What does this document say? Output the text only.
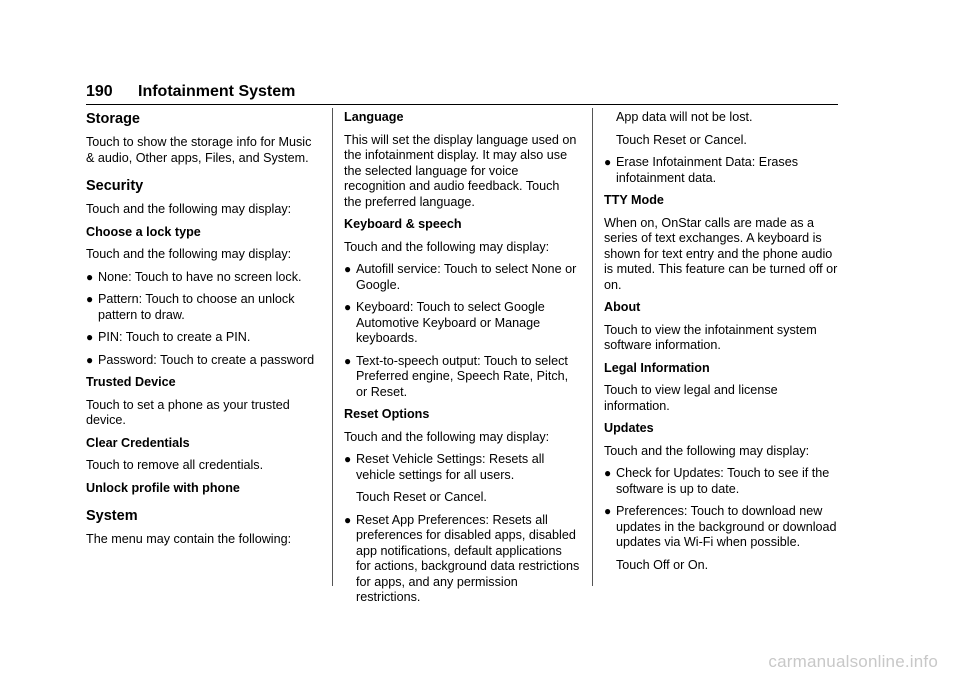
190 Infotainment System
Storage

Touch to show the storage info for Music & audio, Other apps, Files, and System.

Security

Touch and the following may display:

Choose a lock type

Touch and the following may display:

● None: Touch to have no screen lock.
● Pattern: Touch to choose an unlock pattern to draw.
● PIN: Touch to create a PIN.
● Password: Touch to create a password

Trusted Device

Touch to set a phone as your trusted device.

Clear Credentials

Touch to remove all credentials.

Unlock profile with phone

System

The menu may contain the following:

Language

This will set the display language used on the infotainment display. It may also use the selected language for voice recognition and audio feedback. Touch the preferred language.

Keyboard & speech

Touch and the following may display:

● Autofill service: Touch to select None or Google.
● Keyboard: Touch to select Google Automotive Keyboard or Manage keyboards.
● Text-to-speech output: Touch to select Preferred engine, Speech Rate, Pitch, or Reset.

Reset Options

Touch and the following may display:

● Reset Vehicle Settings: Resets all vehicle settings for all users.

Touch Reset or Cancel.

● Reset App Preferences: Resets all preferences for disabled apps, disabled app notifications, default applications for actions, background data restrictions for apps, and any permission restrictions.

App data will not be lost.

Touch Reset or Cancel.

● Erase Infotainment Data: Erases infotainment data.

TTY Mode

When on, OnStar calls are made as a series of text exchanges. A keyboard is shown for text entry and the phone audio is muted. This feature can be turned off or on.

About

Touch to view the infotainment system software information.

Legal Information

Touch to view legal and license information.

Updates

Touch and the following may display:

● Check for Updates: Touch to see if the software is up to date.
● Preferences: Touch to download new updates in the background or download updates via Wi-Fi when possible.

Touch Off or On.

carmanualsonline.info
